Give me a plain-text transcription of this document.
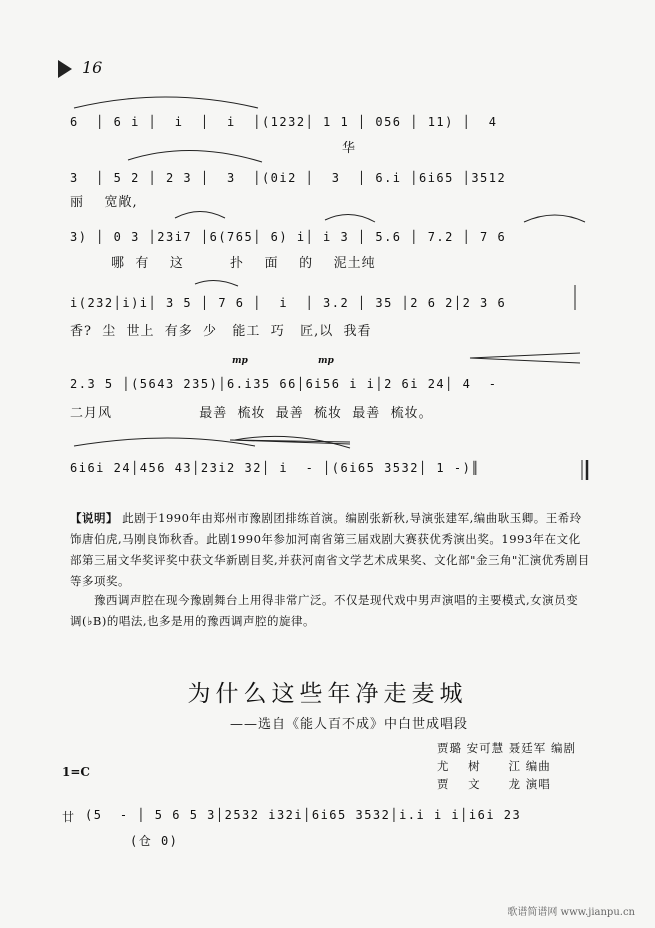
16
6  │ 6 i │  i  │  i  │(1232│ 1 1 │ 056 │ 11) │  4
华
3  │ 5 2 │ 2 3 │  3  │(0i2 │  3  │ 6.i │6i65 │3512
丽    宽敞,
3) │ 0 3 │23i7 │6(765│ 6) i│ i 3 │ 5.6 │ 7.2 │ 7 6
哪  有    这         扑    面    的    泥土纯
i(232│i)i│ 3 5 │ 7 6 │  i  │ 3.2 │ 35 │2 6 2│2 3 6
香?  尘  世上  有多  少   能工  巧   匠,以  我看
mp	mp
2.3 5 │(5643 235)│6.i35 66│6i56 i i│2 6i 24│ 4  -
二月风                 最善  梳妆  最善  梳妆  最善  梳妆。
6i6i 24│456 43│23i2 32│ i  - │(6i65 3532│ 1 -)║
【说明】 此剧于1990年由郑州市豫剧团排练首演。编剧张新秋,导演张建军,编曲耿玉卿。王希玲饰唐伯虎,马刚良饰秋香。此剧1990年参加河南省第三届戏剧大赛获优秀演出奖。1993年在文化部第三届文华奖评奖中获文华新剧目奖,并获河南省文学艺术成果奖、文化部"金三角"汇演优秀剧目等多项奖。
豫西调声腔在现今豫剧舞台上用得非常广泛。不仅是现代戏中男声演唱的主要模式,女演员变调(♭B)的唱法,也多是用的豫西调声腔的旋律。
为什么这些年净走麦城
——选自《能人百不成》中白世成唱段
贾璐 安可慧 聂廷军 编剧
尤    树      江 编曲
贾    文      龙 演唱
1=C
廿 (5  - │ 5 6 5 3│2532 i32i│6i65 3532│i.i i i│i6i 23
(仓 0)
歌谱简谱网 www.jianpu.cn
